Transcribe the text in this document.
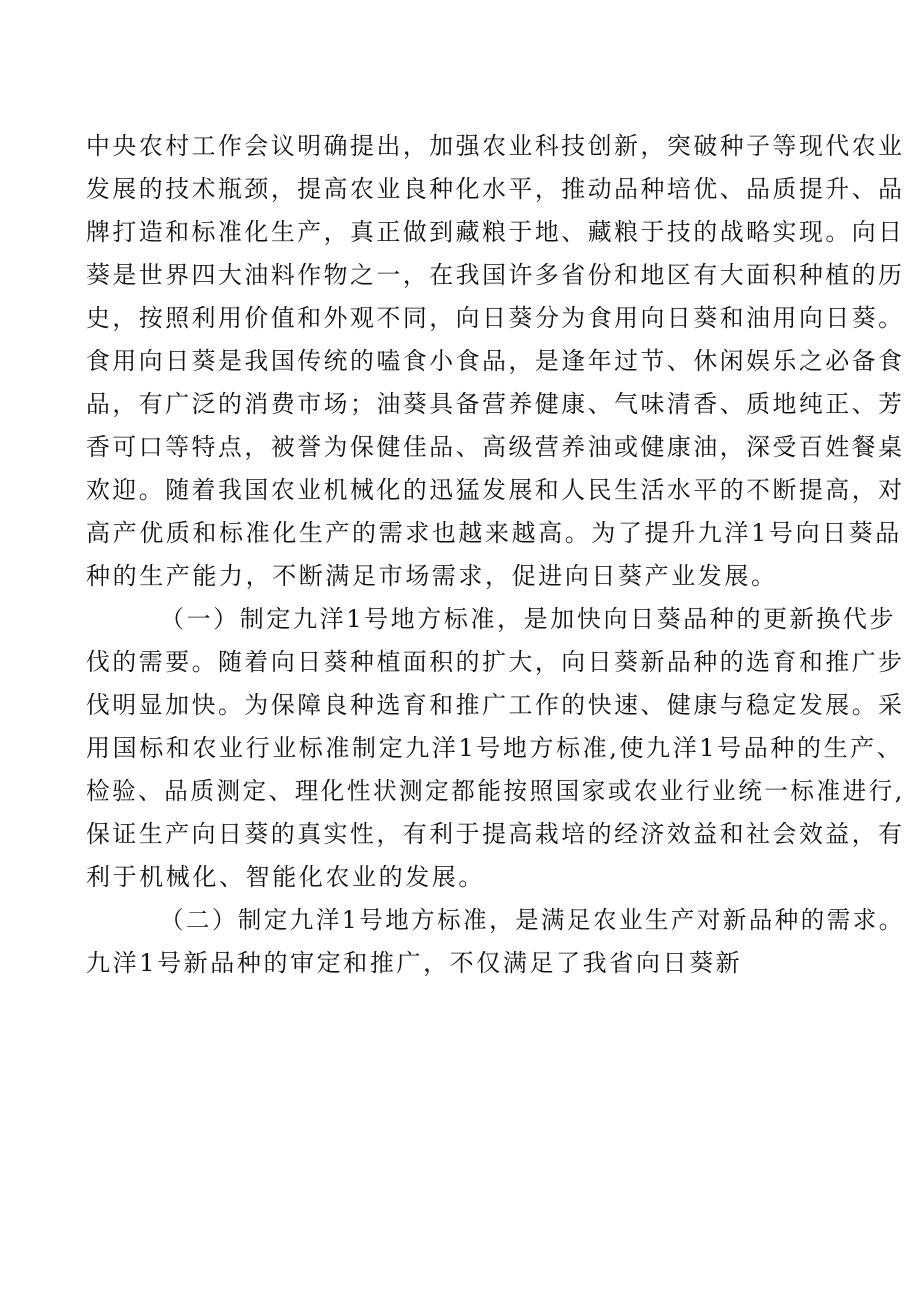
中央农村工作会议明确提出，加强农业科技创新，突破种子等现代农业
发展的技术瓶颈，提高农业良种化水平，推动品种培优、品质提升、品
牌打造和标准化生产，真正做到藏粮于地、藏粮于技的战略实现。向日
葵是世界四大油料作物之一，在我国许多省份和地区有大面积种植的历
史，按照利用价值和外观不同，向日葵分为食用向日葵和油用向日葵。
食用向日葵是我国传统的嗑食小食品，是逢年过节、休闲娱乐之必备食
品，有广泛的消费市场；油葵具备营养健康、气味清香、质地纯正、芳
香可口等特点，被誉为保健佳品、高级营养油或健康油，深受百姓餐桌
欢迎。随着我国农业机械化的迅猛发展和人民生活水平的不断提高，对
高产优质和标准化生产的需求也越来越高。为了提升九洋1号向日葵品
种的生产能力，不断满足市场需求，促进向日葵产业发展。
（一）制定九洋1号地方标准，是加快向日葵品种的更新换代步
伐的需要。随着向日葵种植面积的扩大，向日葵新品种的选育和推广步
伐明显加快。为保障良种选育和推广工作的快速、健康与稳定发展。采
用国标和农业行业标准制定九洋1号地方标准,使九洋1号品种的生产、
检验、品质测定、理化性状测定都能按照国家或农业行业统一标准进行,
保证生产向日葵的真实性，有利于提高栽培的经济效益和社会效益，有
利于机械化、智能化农业的发展。
（二）制定九洋1号地方标准，是满足农业生产对新品种的需求。
九洋1号新品种的审定和推广，不仅满足了我省向日葵新
